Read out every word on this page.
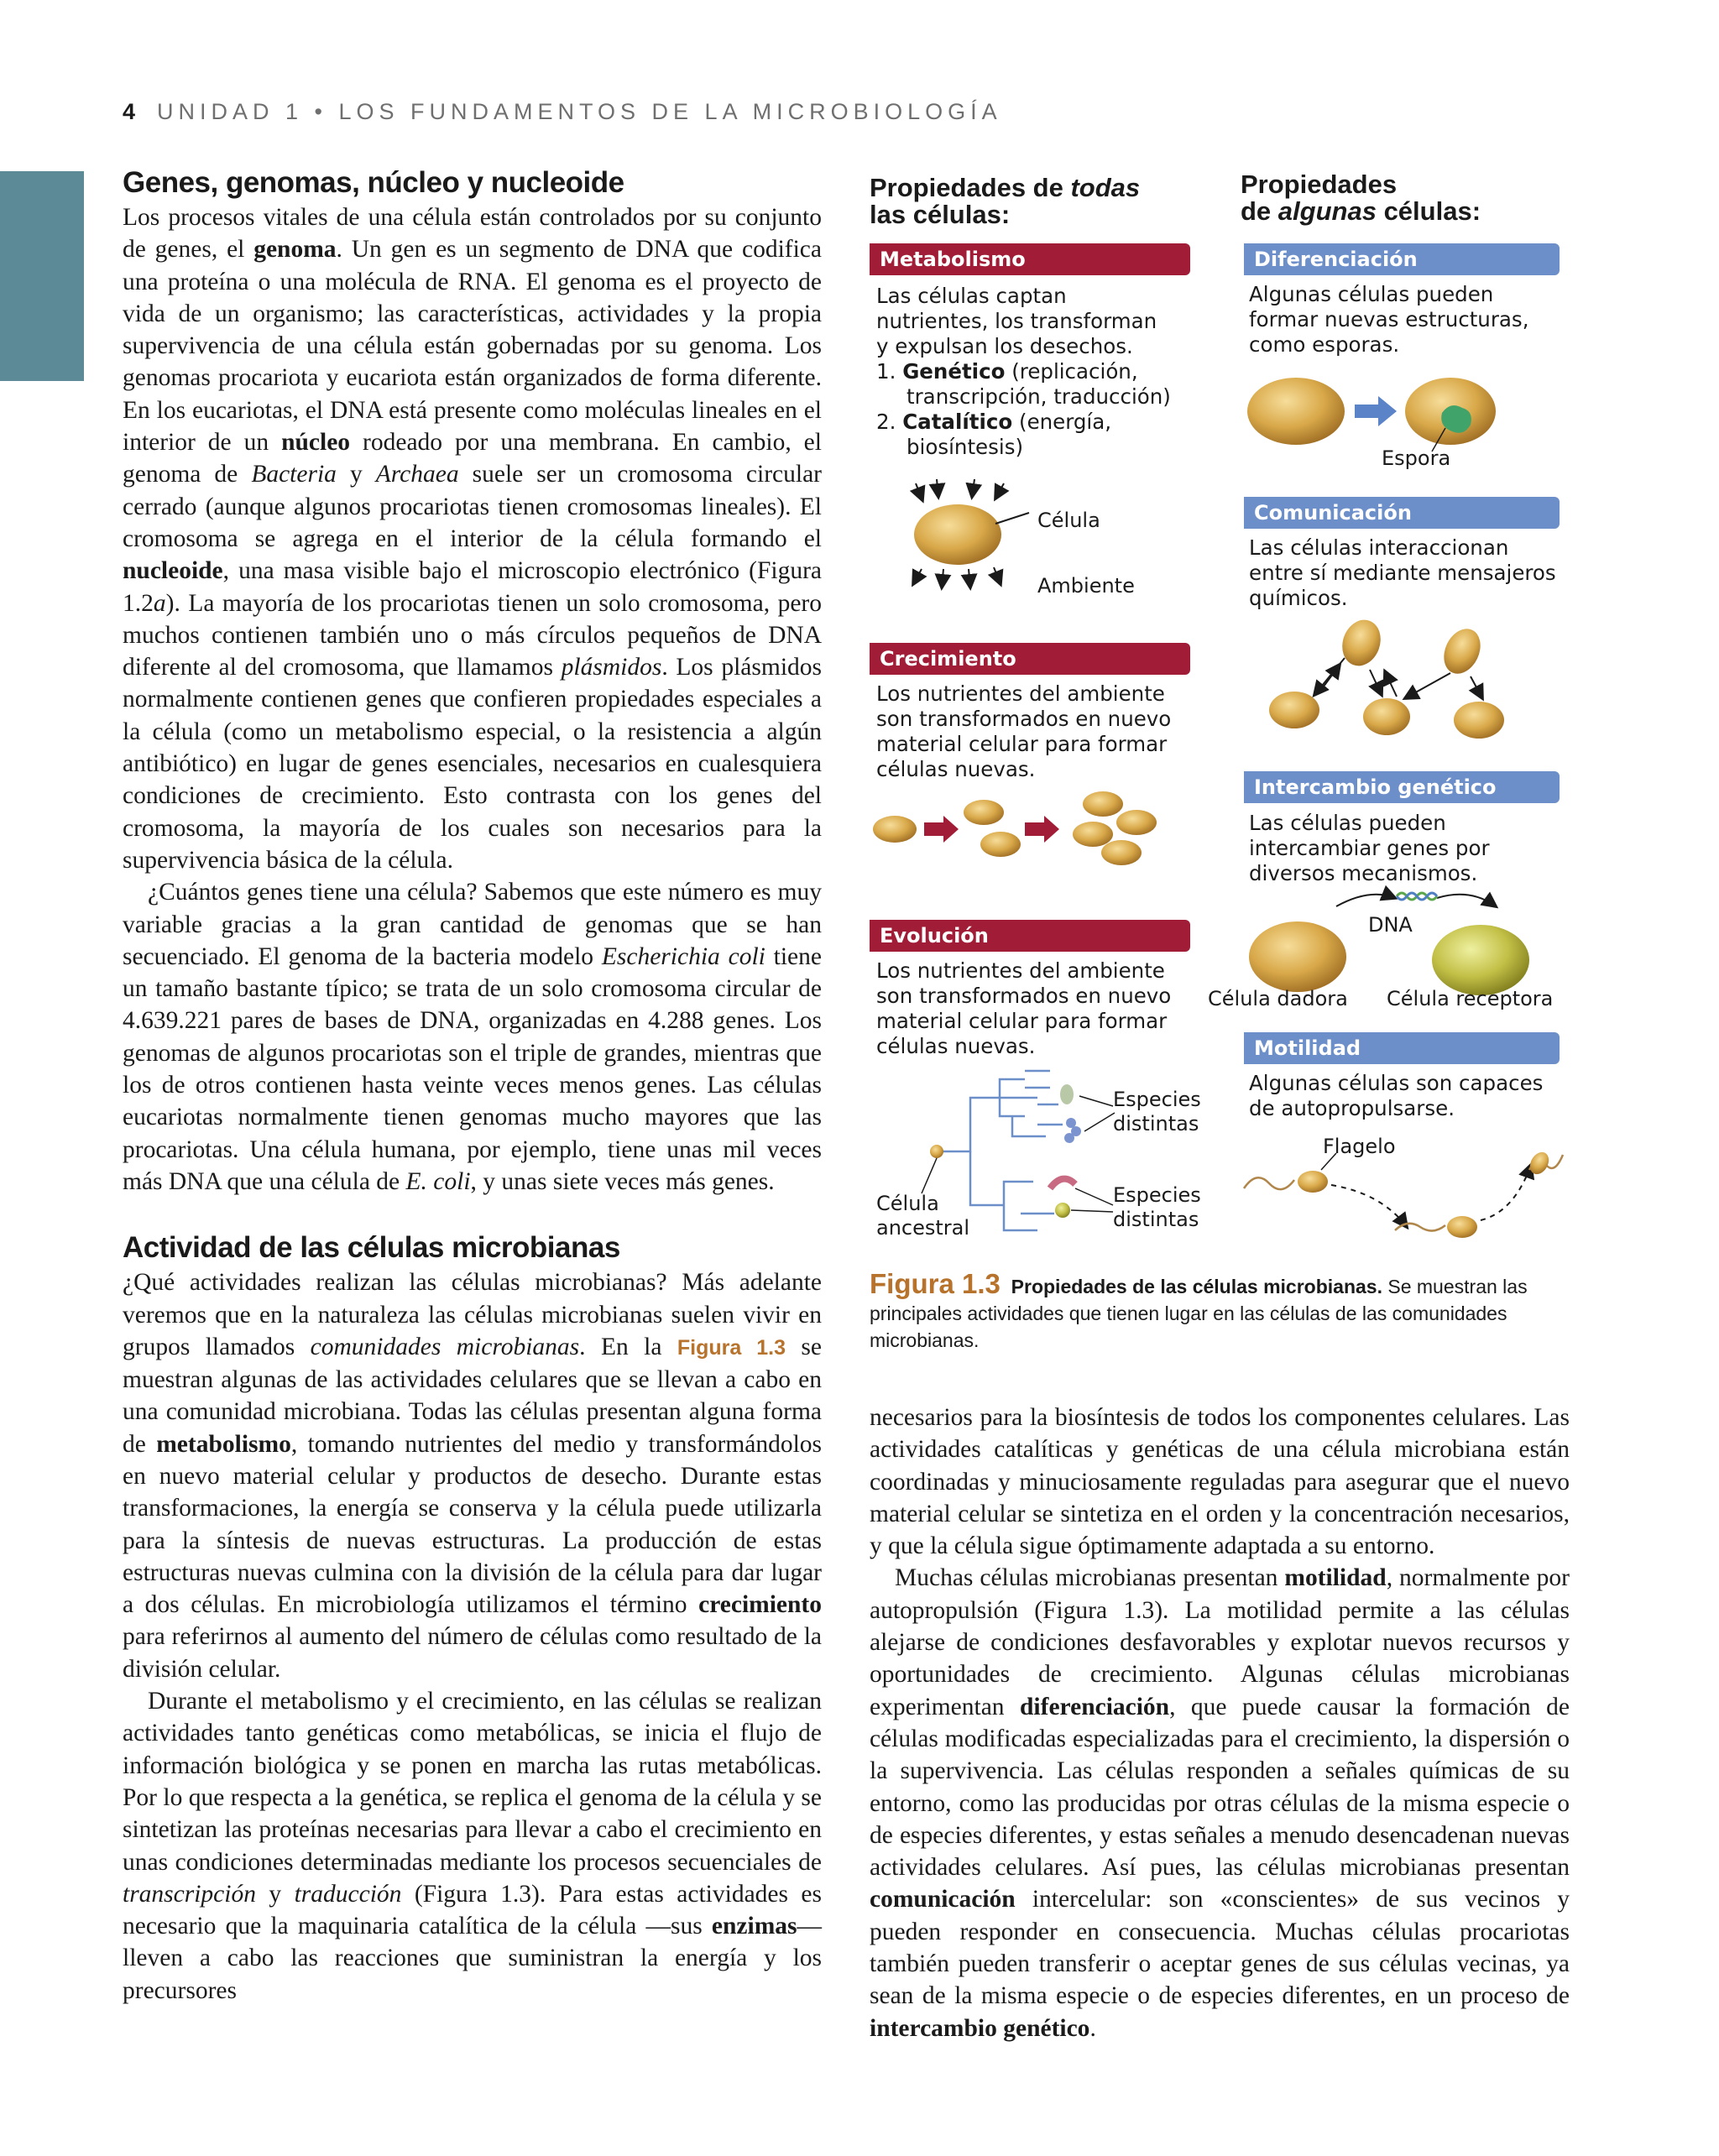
4 UNIDAD 1 • LOS FUNDAMENTOS DE LA MICROBIOLOGÍA
Genes, genomas, núcleo y nucleoide

Los procesos vitales de una célula están controlados por su conjunto de genes, el genoma. Un gen es un segmento de DNA que codifica una proteína o una molécula de RNA. El genoma es el proyecto de vida de un organismo; las características, actividades y la propia supervivencia de una célula están gobernadas por su genoma. Los genomas procariota y eucariota están organizados de forma diferente. En los eucariotas, el DNA está presente como moléculas lineales en el interior de un núcleo rodeado por una membrana. En cambio, el genoma de Bacteria y Archaea suele ser un cromosoma circular cerrado (aunque algunos procariotas tienen cromosomas lineales). El cromosoma se agrega en el interior de la célula formando el nucleoide, una masa visible bajo el microscopio electrónico (Figura 1.2a). La mayoría de los procariotas tienen un solo cromosoma, pero muchos contienen también uno o más círculos pequeños de DNA diferente al del cromosoma, que llamamos plásmidos. Los plásmidos normalmente contienen genes que confieren propiedades especiales a la célula (como un metabolismo especial, o la resistencia a algún antibiótico) en lugar de genes esenciales, necesarios en cualesquiera condiciones de crecimiento. Esto contrasta con los genes del cromosoma, la mayoría de los cuales son necesarios para la supervivencia básica de la célula.

¿Cuántos genes tiene una célula? Sabemos que este número es muy variable gracias a la gran cantidad de genomas que se han secuenciado. El genoma de la bacteria modelo Escherichia coli tiene un tamaño bastante típico; se trata de un solo cromosoma circular de 4.639.221 pares de bases de DNA, organizadas en 4.288 genes. Los genomas de algunos procariotas son el triple de grandes, mientras que los de otros contienen hasta veinte veces menos genes. Las células eucariotas normalmente tienen genomas mucho mayores que las procariotas. Una célula humana, por ejemplo, tiene unas mil veces más DNA que una célula de E. coli, y unas siete veces más genes.

Actividad de las células microbianas

¿Qué actividades realizan las células microbianas? Más adelante veremos que en la naturaleza las células microbianas suelen vivir en grupos llamados comunidades microbianas. En la Figura 1.3 se muestran algunas de las actividades celulares que se llevan a cabo en una comunidad microbiana. Todas las células presentan alguna forma de metabolismo, tomando nutrientes del medio y transformándolos en nuevo material celular y productos de desecho. Durante estas transformaciones, la energía se conserva y la célula puede utilizarla para la síntesis de nuevas estructuras. La producción de estas estructuras nuevas culmina con la división de la célula para dar lugar a dos células. En microbiología utilizamos el término crecimiento para referirnos al aumento del número de células como resultado de la división celular.

Durante el metabolismo y el crecimiento, en las células se realizan actividades tanto genéticas como metabólicas, se inicia el flujo de información biológica y se ponen en marcha las rutas metabólicas. Por lo que respecta a la genética, se replica el genoma de la célula y se sintetizan las proteínas necesarias para llevar a cabo el crecimiento en unas condiciones determinadas mediante los procesos secuenciales de transcripción y traducción (Figura 1.3). Para estas actividades es necesario que la maquinaria catalítica de la célula —sus enzimas— lleven a cabo las reacciones que suministran la energía y los precursores

necesarios para la biosíntesis de todos los componentes celulares. Las actividades catalíticas y genéticas de una célula microbiana están coordinadas y minuciosamente reguladas para asegurar que el nuevo material celular se sintetiza en el orden y la concentración necesarios, y que la célula sigue óptimamente adaptada a su entorno.

Muchas células microbianas presentan motilidad, normalmente por autopropulsión (Figura 1.3). La motilidad permite a las células alejarse de condiciones desfavorables y explotar nuevos recursos y oportunidades de crecimiento. Algunas células microbianas experimentan diferenciación, que puede causar la formación de células modificadas especializadas para el crecimiento, la dispersión o la supervivencia. Las células responden a señales químicas de su entorno, como las producidas por otras células de la misma especie o de especies diferentes, y estas señales a menudo desencadenan nuevas actividades celulares. Así pues, las células microbianas presentan comunicación intercelular: son «conscientes» de sus vecinos y pueden responder en consecuencia. Muchas células procariotas también pueden transferir o aceptar genes de sus células vecinas, ya sean de la misma especie o de especies diferentes, en un proceso de intercambio genético.

Propiedades de todas
las células:
Propiedades
de algunas células:
Metabolismo
Las células captan
nutrientes, los transforman
y expulsan los desechos.
1. Genético (replicación,
transcripción, traducción)
2. Catalítico (energía,
biosíntesis)
Célula
Ambiente
Crecimiento
Los nutrientes del ambiente
son transformados en nuevo
material celular para formar
células nuevas.
Evolución
Los nutrientes del ambiente
son transformados en nuevo
material celular para formar
células nuevas.
Especies
distintas
Especies
distintas
Célula
ancestral
Diferenciación
Algunas células pueden
formar nuevas estructuras,
como esporas.
Espora
Comunicación
Las células interaccionan
entre sí mediante mensajeros
químicos.
Intercambio genético
Las células pueden
intercambiar genes por
diversos mecanismos.
DNA
Célula dadora Célula receptora
Motilidad
Algunas células son capaces
de autopropulsarse.
Flagelo
Figura 1.3 Propiedades de las células microbianas. Se muestran las principales actividades que tienen lugar en las células de las comunidades microbianas.
